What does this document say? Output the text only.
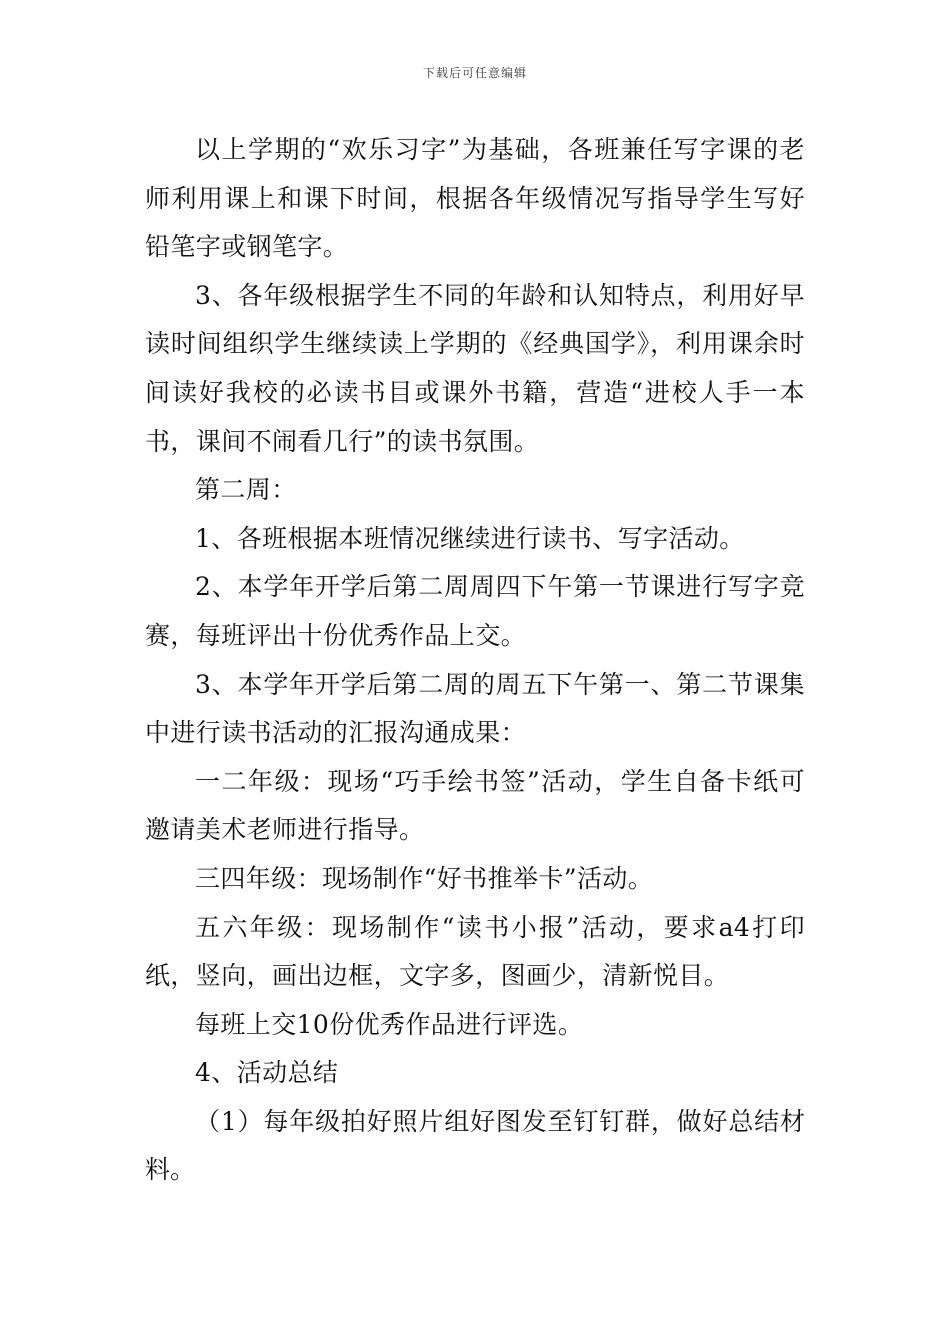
下载后可任意编辑

以上学期的“欢乐习字”为基础，各班兼任写字课的老师利用课上和课下时间，根据各年级情况写指导学生写好铅笔字或钢笔字。

3、各年级根据学生不同的年龄和认知特点，利用好早读时间组织学生继续读上学期的《经典国学》，利用课余时间读好我校的必读书目或课外书籍，营造“进校人手一本书，课间不闹看几行”的读书氛围。

第二周：

1、各班根据本班情况继续进行读书、写字活动。

2、本学年开学后第二周周四下午第一节课进行写字竞赛，每班评出十份优秀作品上交。

3、本学年开学后第二周的周五下午第一、第二节课集中进行读书活动的汇报沟通成果：

一二年级：现场“巧手绘书签”活动，学生自备卡纸可邀请美术老师进行指导。

三四年级：现场制作“好书推举卡”活动。

五六年级：现场制作“读书小报”活动，要求a4打印纸，竖向，画出边框，文字多，图画少，清新悦目。

每班上交10份优秀作品进行评选。

4、活动总结

（1）每年级拍好照片组好图发至钉钉群，做好总结材料。
